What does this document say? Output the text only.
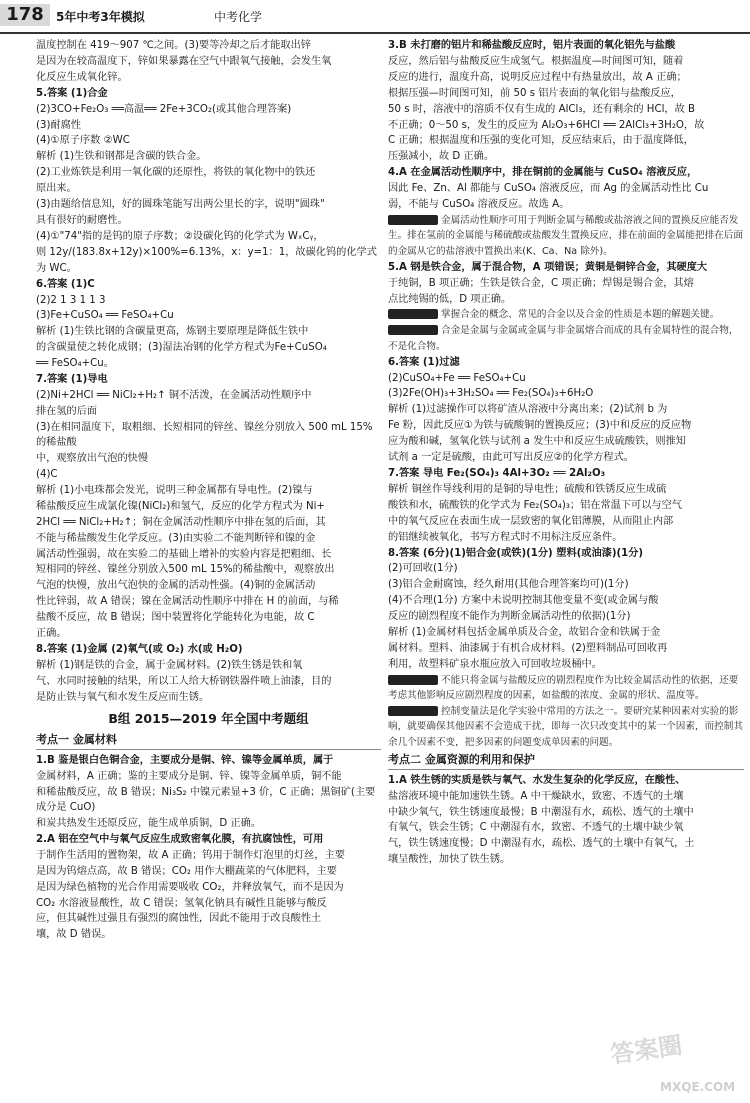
178	5年中考3年模拟	中考化学

温度控制在 419～907 ℃之间。(3)要等冷却之后才能取出锌

是因为在较高温度下，锌如果暴露在空气中跟氧气接触，会发生氧

化反应生成氧化锌。

5.答案 (1)合金

(2)3CO+Fe₂O₃ ══高温══ 2Fe+3CO₂(或其他合理答案)

(3)耐腐性

(4)①原子序数 ②WC

解析 (1)生铁和钢都是含碳的铁合金。

(2)工业炼铁是利用一氧化碳的还原性，将铁的氧化物中的铁还

原出来。

(3)由题给信息知，好的圆珠笔能写出两公里长的字，说明"圆珠"

具有很好的耐磨性。

(4)①"74"指的是钨的原子序数；②设碳化钨的化学式为 WₓCᵧ，

则 12y/(183.8x+12y)×100%=6.13%，x：y=1：1，故碳化钨的化学式

为 WC。

6.答案 (1)C

(2)2 1 3 1 1 3

(3)Fe+CuSO₄ ══ FeSO₄+Cu

解析 (1)生铁比钢的含碳量更高，炼钢主要原理是降低生铁中

的含碳量使之转化成钢；(3)湿法冶钢的化学方程式为Fe+CuSO₄

══ FeSO₄+Cu。

7.答案 (1)导电

(2)Ni+2HCl ══ NiCl₂+H₂↑ 铜不活泼，在金属活动性顺序中

排在氢的后面

(3)在相同温度下，取粗细、长短相同的锌丝、镍丝分别放入 500 mL 15%的稀盐酸

中，观察放出气泡的快慢

(4)C

解析 (1)小电珠都会发光，说明三种金属都有导电性。(2)镍与

稀盐酸反应生成氯化镍(NiCl₂)和氢气，反应的化学方程式为 Ni+

2HCl ══ NiCl₂+H₂↑；铜在金属活动性顺序中排在氢的后面，其

不能与稀盐酸发生化学反应。(3)由实验二不能判断锌和镍的金

属活动性强弱，故在实验二的基础上增补的实验内容是把粗细、长

短相同的锌丝、镍丝分别放入500 mL 15%的稀盐酸中，观察放出

气泡的快慢，放出气泡快的金属的活动性强。(4)铜的金属活动

性比锌弱，故 A 错误；镍在金属活动性顺序中排在 H 的前面，与稀

盐酸不反应，故 B 错误；图中装置将化学能转化为电能，故 C

正确。

8.答案 (1)金属 (2)氧气(或 O₂) 水(或 H₂O)

解析 (1)钢是铁的合金，属于金属材料。(2)铁生锈是铁和氧

气、水同时接触的结果，所以工人给大桥钢铁器件喷上油漆，目的

是防止铁与氧气和水发生反应而生锈。

B组 2015—2019 年全国中考题组
考点一 金属材料

1.B 鉴是银白色铜合金，主要成分是铜、锌、镍等金属单质，属于

金属材料，A 正确；鉴的主要成分是铜、锌、镍等金属单质，铜不能

和稀盐酸反应，故 B 错误；Ni₃S₂ 中镍元素显+3 价，C 正确；黑铜矿(主要成分是 CuO)

和炭共热发生还原反应，能生成单质铜，D 正确。

2.A 铝在空气中与氧气反应生成致密氧化膜，有抗腐蚀性，可用

于制作生活用的置物架，故 A 正确；钨用于制作灯泡里的灯丝，主要

是因为钨熔点高，故 B 错误；CO₂ 用作大棚蔬菜的气体肥料，主要

是因为绿色植物的光合作用需要吸收 CO₂，并释放氧气，而不是因为

CO₂ 水溶液显酸性，故 C 错误；氢氧化钠具有碱性且能够与酸反

应，但其碱性过强且有强烈的腐蚀性，因此不能用于改良酸性土

壤，故 D 错误。

3.B 未打磨的铝片和稀盐酸反应时，铝片表面的氧化铝先与盐酸

反应，然后铝与盐酸反应生成氢气。根据温度—时间图可知，随着

反应的进行，温度升高，说明反应过程中有热量放出，故 A 正确；

根据压强—时间图可知，前 50 s 铝片表面的氧化铝与盐酸反应，

50 s 时，溶液中的溶质不仅有生成的 AlCl₃，还有剩余的 HCl，故 B

不正确；0～50 s，发生的反应为 Al₂O₃+6HCl ══ 2AlCl₃+3H₂O，故

C 正确；根据温度和压强的变化可知，反应结束后，由于温度降低，

压强减小，故 D 正确。

4.A 在金属活动性顺序中，排在铜前的金属能与 CuSO₄ 溶液反应，

因此 Fe、Zn、Al 都能与 CuSO₄ 溶液反应，而 Ag 的金属活动性比 Cu

弱，不能与 CuSO₄ 溶液反应。故选 A。

金属活动性顺序可用于判断金属与稀酸或盐溶液之间的置换反应能否发生。排在氢前的金属能与稀硫酸或盐酸发生置换反应，排在前面的金属能把排在后面的金属从它的盐溶液中置换出来(K、Ca、Na 除外)。

5.A 钢是铁合金，属于混合物，A 项错误；黄铜是铜锌合金，其硬度大

于纯铜，B 项正确；生铁是铁合金，C 项正确；焊锡是锡合金，其熔

点比纯锡的低，D 项正确。

掌握合金的概念、常见的合金以及合金的性质是本题的解题关键。

合金是金属与金属或金属与非金属熔合而成的具有金属特性的混合物，不是化合物。

6.答案 (1)过滤

(2)CuSO₄+Fe ══ FeSO₄+Cu

(3)2Fe(OH)₃+3H₂SO₄ ══ Fe₂(SO₄)₃+6H₂O

解析 (1)过滤操作可以将矿渣从溶液中分离出来；(2)试剂 b 为

Fe 粉，因此反应①为铁与硫酸铜的置换反应；(3)中和反应的反应物

应为酸和碱，氢氧化铁与试剂 a 发生中和反应生成硫酸铁，则推知

试剂 a 一定是硫酸，由此可写出反应②的化学方程式。

7.答案 导电 Fe₂(SO₄)₃ 4Al+3O₂ ══ 2Al₂O₃

解析 铜丝作导线利用的是铜的导电性；硫酸和铁锈反应生成硫

酸铁和水，硫酸铁的化学式为 Fe₂(SO₄)₃；铝在常温下可以与空气

中的氧气反应在表面生成一层致密的氧化铝薄膜，从而阻止内部

的铝继续被氧化，书写方程式时不用标注反应条件。

8.答案 (6分)(1)铝合金(或铁)(1分) 塑料(或油漆)(1分)

(2)可回收(1分)

(3)铝合金耐腐蚀，经久耐用(其他合理答案均可)(1分)

(4)不合理(1分) 方案中未说明控制其他变量不变(或金属与酸

反应的剧烈程度不能作为判断金属活动性的依据)(1分)

解析 (1)金属材料包括金属单质及合金，故铝合金和铁属于金

属材料。塑料、油漆属于有机合成材料。(2)塑料制品可回收再

利用，故塑料矿泉水瓶应放入可回收垃圾桶中。

不能只将金属与盐酸反应的剧烈程度作为比较金属活动性的依据，还要考虑其他影响反应剧烈程度的因素，如盐酸的浓度、金属的形状、温度等。

控制变量法是化学实验中常用的方法之一。要研究某种因素对实验的影响，就要确保其他因素不会造成干扰，即每一次只改变其中的某一个因素，而控制其余几个因素不变，把多因素的问题变成单因素的问题。

考点二 金属资源的利用和保护

1.A 铁生锈的实质是铁与氧气、水发生复杂的化学反应，在酸性、

盐溶液环境中能加速铁生锈。A 中干燥缺水，致密、不透气的土壤

中缺少氧气，铁生锈速度最慢；B 中潮湿有水，疏松、透气的土壤中

有氧气，铁会生锈；C 中潮湿有水，致密、不透气的土壤中缺少氧

气，铁生锈速度慢；D 中潮湿有水，疏松、透气的土壤中有氧气，土

壤呈酸性，加快了铁生锈。

答案圈
MXQE.COM
